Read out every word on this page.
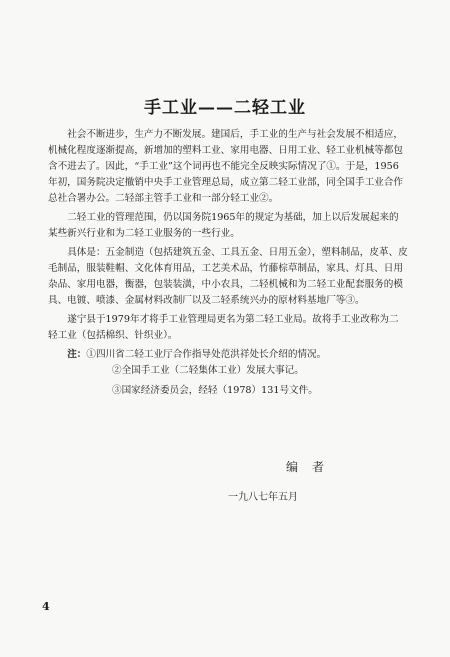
手工业——二轻工业

社会不断进步，生产力不断发展。建国后，手工业的生产与社会发展不相适应，机械化程度逐渐提高，新增加的塑料工业、家用电器、日用工业、轻工业机械等都包含不进去了。因此，“手工业”这个词再也不能完全反映实际情况了①。于是，1956年初，国务院决定撤销中央手工业管理总局，成立第二轻工业部，同全国手工业合作总社合署办公。二轻部主管手工业和一部分轻工业②。

二轻工业的管理范围，仍以国务院1965年的规定为基础，加上以后发展起来的某些新兴行业和为二轻工业服务的一些行业。

具体是：五金制造（包括建筑五金、工具五金、日用五金），塑料制品，皮革、皮毛制品，服装鞋帽、文化体育用品，工艺美术品，竹藤棕草制品，家具、灯具、日用杂品、家用电器，衡器，包装装潢，中小农具，二轻机械和为二轻工业配套服务的模具、电镀、喷漆、金属材料改制厂以及二轻系统兴办的原材料基地厂等③。

遂宁县于1979年才将手工业管理局更名为第二轻工业局。故将手工业改称为二轻工业（包括棉织、针织业）。

注：①四川省二轻工业厅合作指导处范洪祥处长介绍的情况。

②全国手工业（二轻集体工业）发展大事记。

③国家经济委员会，经轻（1978）131号文件。

编者
一九八七年五月
4
